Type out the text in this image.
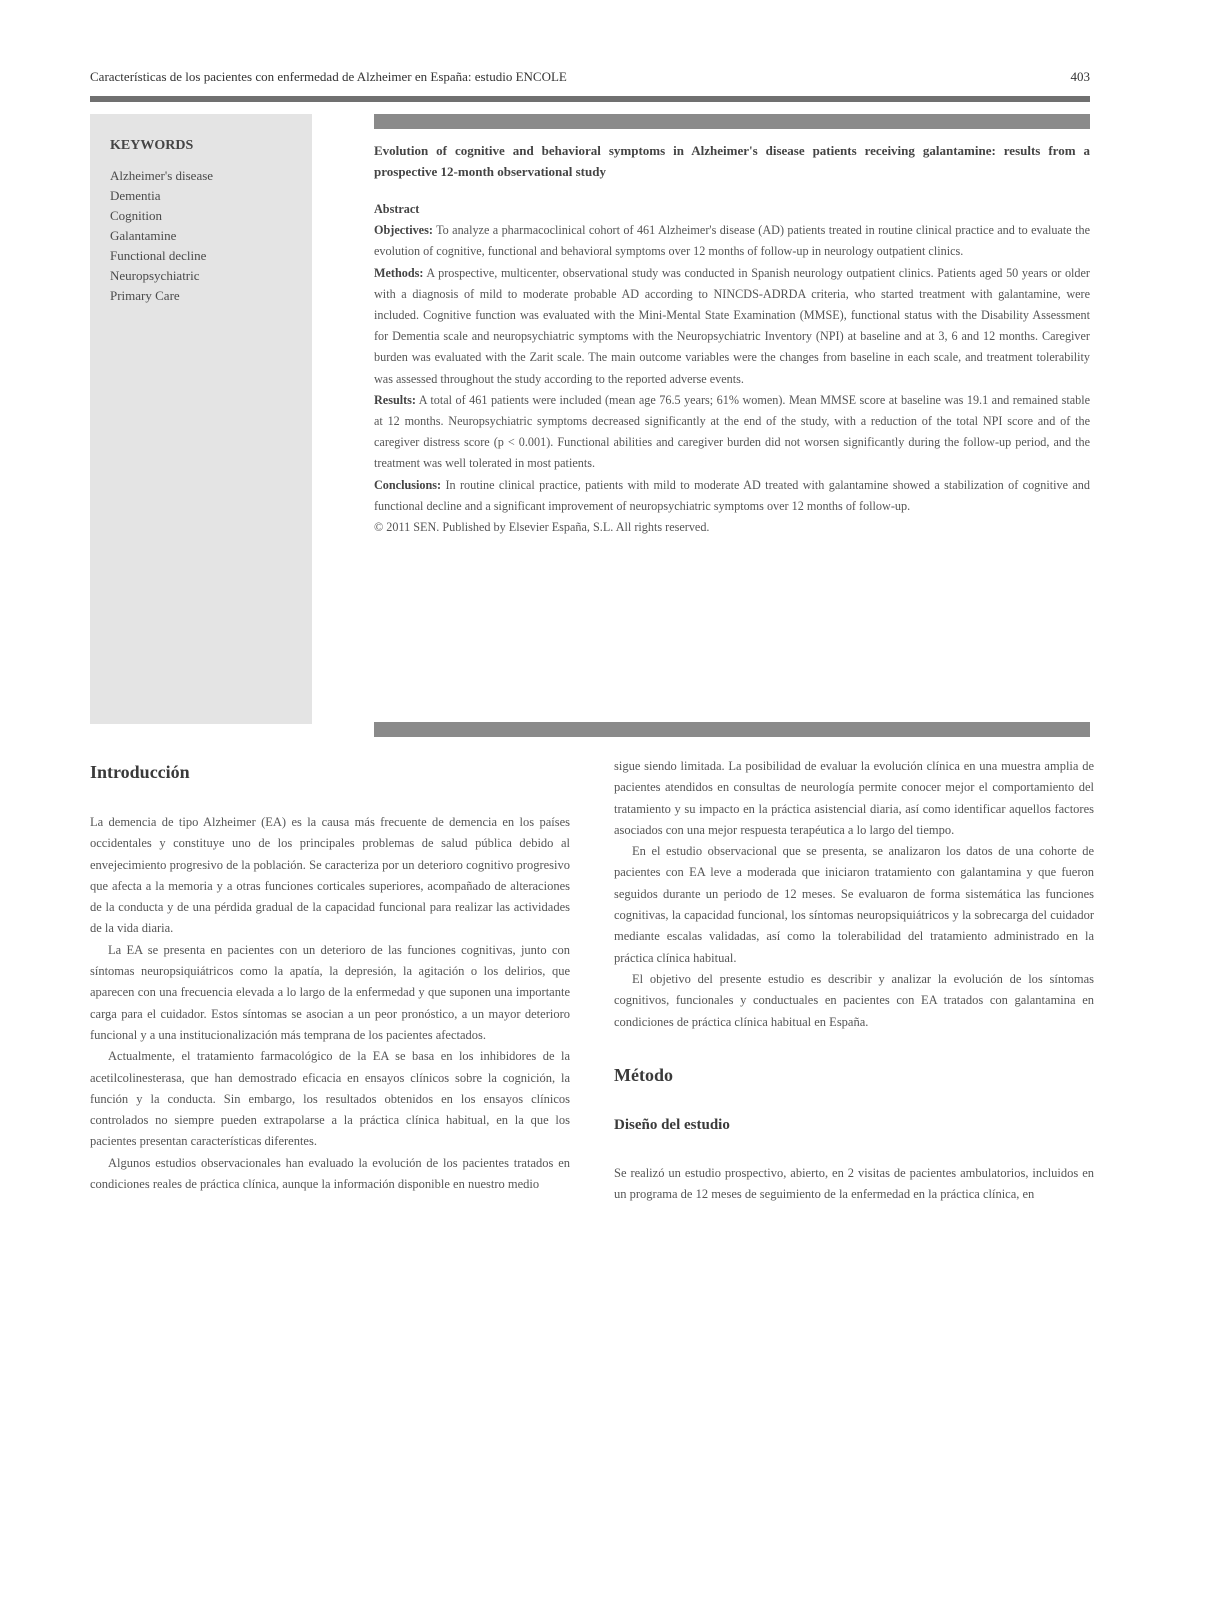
Características de los pacientes con enfermedad de Alzheimer en España: estudio ENCOLE	403
KEYWORDS
Alzheimer's disease
Dementia
Cognition
Galantamine
Functional decline
Neuropsychiatric
Primary Care

Evolution of cognitive and behavioral symptoms in Alzheimer's disease patients receiving galantamine: results from a prospective 12-month observational study

Abstract

Objectives: To analyze a pharmacoclinical cohort of 461 Alzheimer's disease (AD) patients treated in routine clinical practice and to evaluate the evolution of cognitive, functional and behavioral symptoms over 12 months of follow-up in neurology outpatient clinics.

Methods: A prospective, multicenter, observational study was conducted in Spanish neurology outpatient clinics. Patients aged 50 years or older with a diagnosis of mild to moderate probable AD according to NINCDS-ADRDA criteria, who started treatment with galantamine, were included. Cognitive function was evaluated with the Mini-Mental State Examination (MMSE), functional status with the Disability Assessment for Dementia scale and neuropsychiatric symptoms with the Neuropsychiatric Inventory (NPI) at baseline and at 3, 6 and 12 months. Caregiver burden was evaluated with the Zarit scale. The main outcome variables were the changes from baseline in each scale, and treatment tolerability was assessed throughout the study according to the reported adverse events.

Results: A total of 461 patients were included (mean age 76.5 years; 61% women). Mean MMSE score at baseline was 19.1 and remained stable at 12 months. Neuropsychiatric symptoms decreased significantly at the end of the study, with a reduction of the total NPI score and of the caregiver distress score (p < 0.001). Functional abilities and caregiver burden did not worsen significantly during the follow-up period, and the treatment was well tolerated in most patients.

Conclusions: In routine clinical practice, patients with mild to moderate AD treated with galantamine showed a stabilization of cognitive and functional decline and a significant improvement of neuropsychiatric symptoms over 12 months of follow-up.

© 2011 SEN. Published by Elsevier España, S.L. All rights reserved.

Introducción

La demencia de tipo Alzheimer (EA) es la causa más frecuente de demencia en los países occidentales y constituye uno de los principales problemas de salud pública debido al envejecimiento progresivo de la población. Se caracteriza por un deterioro cognitivo progresivo que afecta a la memoria y a otras funciones corticales superiores, acompañado de alteraciones de la conducta y de una pérdida gradual de la capacidad funcional para realizar las actividades de la vida diaria.

La EA se presenta en pacientes con un deterioro de las funciones cognitivas, junto con síntomas neuropsiquiátricos como la apatía, la depresión, la agitación o los delirios, que aparecen con una frecuencia elevada a lo largo de la enfermedad y que suponen una importante carga para el cuidador. Estos síntomas se asocian a un peor pronóstico, a un mayor deterioro funcional y a una institucionalización más temprana de los pacientes afectados.

Actualmente, el tratamiento farmacológico de la EA se basa en los inhibidores de la acetilcolinesterasa, que han demostrado eficacia en ensayos clínicos sobre la cognición, la función y la conducta. Sin embargo, los resultados obtenidos en los ensayos clínicos controlados no siempre pueden extrapolarse a la práctica clínica habitual, en la que los pacientes presentan características diferentes.

Algunos estudios observacionales han evaluado la evolución de los pacientes tratados en condiciones reales de práctica clínica, aunque la información disponible en nuestro medio

sigue siendo limitada. La posibilidad de evaluar la evolución clínica en una muestra amplia de pacientes atendidos en consultas de neurología permite conocer mejor el comportamiento del tratamiento y su impacto en la práctica asistencial diaria, así como identificar aquellos factores asociados con una mejor respuesta terapéutica a lo largo del tiempo.

En el estudio observacional que se presenta, se analizaron los datos de una cohorte de pacientes con EA leve a moderada que iniciaron tratamiento con galantamina y que fueron seguidos durante un periodo de 12 meses. Se evaluaron de forma sistemática las funciones cognitivas, la capacidad funcional, los síntomas neuropsiquiátricos y la sobrecarga del cuidador mediante escalas validadas, así como la tolerabilidad del tratamiento administrado en la práctica clínica habitual.

El objetivo del presente estudio es describir y analizar la evolución de los síntomas cognitivos, funcionales y conductuales en pacientes con EA tratados con galantamina en condiciones de práctica clínica habitual en España.

Método
Diseño del estudio

Se realizó un estudio prospectivo, abierto, en 2 visitas de pacientes ambulatorios, incluidos en un programa de 12 meses de seguimiento de la enfermedad en la práctica clínica, en
